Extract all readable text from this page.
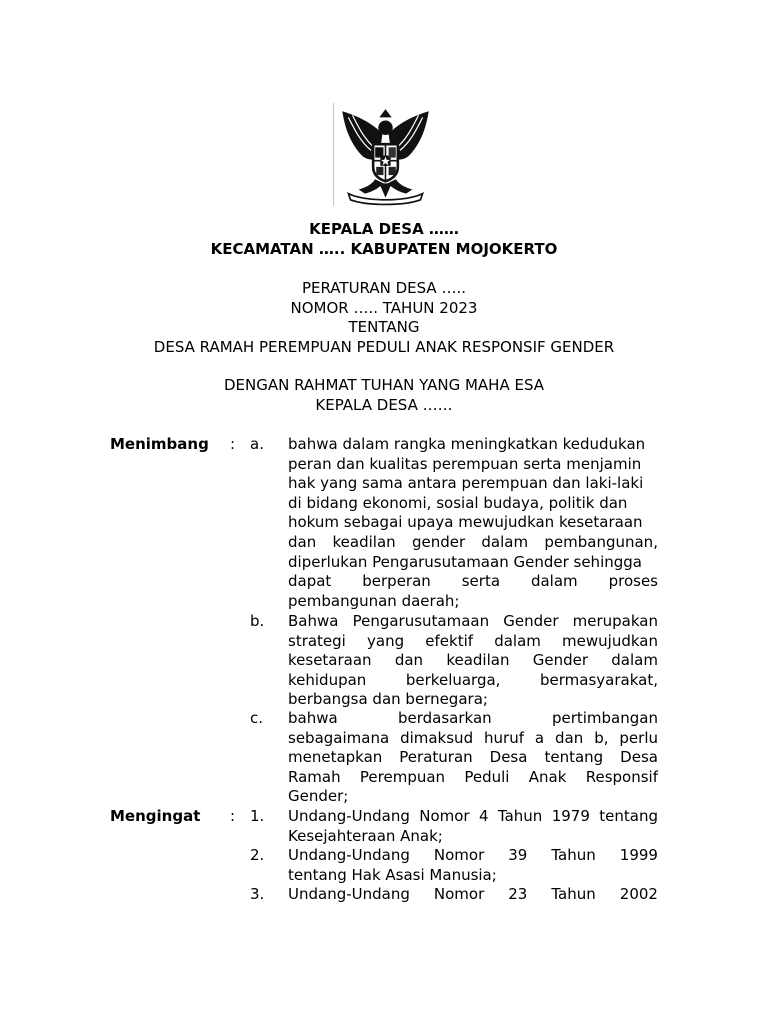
KEPALA DESA ……
KECAMATAN ….. KABUPATEN MOJOKERTO
PERATURAN DESA …..
NOMOR ….. TAHUN 2023
TENTANG
DESA RAMAH PEREMPUAN PEDULI ANAK RESPONSIF GENDER
DENGAN RAHMAT TUHAN YANG MAHA ESA
KEPALA DESA ……
Menimbang : a. bahwa dalam rangka meningkatkan kedudukan
peran dan kualitas perempuan serta menjamin
hak yang sama antara perempuan dan laki-laki
di bidang ekonomi, sosial budaya, politik dan
hokum sebagai upaya mewujudkan kesetaraan
dan keadilan gender dalam pembangunan,
diperlukan Pengarusutamaan Gender sehingga
dapat berperan serta dalam proses
pembangunan daerah;
b. Bahwa Pengarusutamaan Gender merupakan
strategi yang efektif dalam mewujudkan
kesetaraan dan keadilan Gender dalam
kehidupan	berkeluarga,	bermasyarakat,
berbangsa dan bernegara;
c. bahwa	berdasarkan	pertimbangan
sebagaimana dimaksud huruf a dan b, perlu
menetapkan Peraturan Desa tentang Desa
Ramah Perempuan Peduli Anak Responsif
Gender;
Mengingat : 1. Undang-Undang Nomor 4 Tahun 1979 tentang
Kesejahteraan Anak;
2. Undang-Undang Nomor 39 Tahun 1999
tentang Hak Asasi Manusia;
3. Undang-Undang Nomor 23 Tahun 2002
